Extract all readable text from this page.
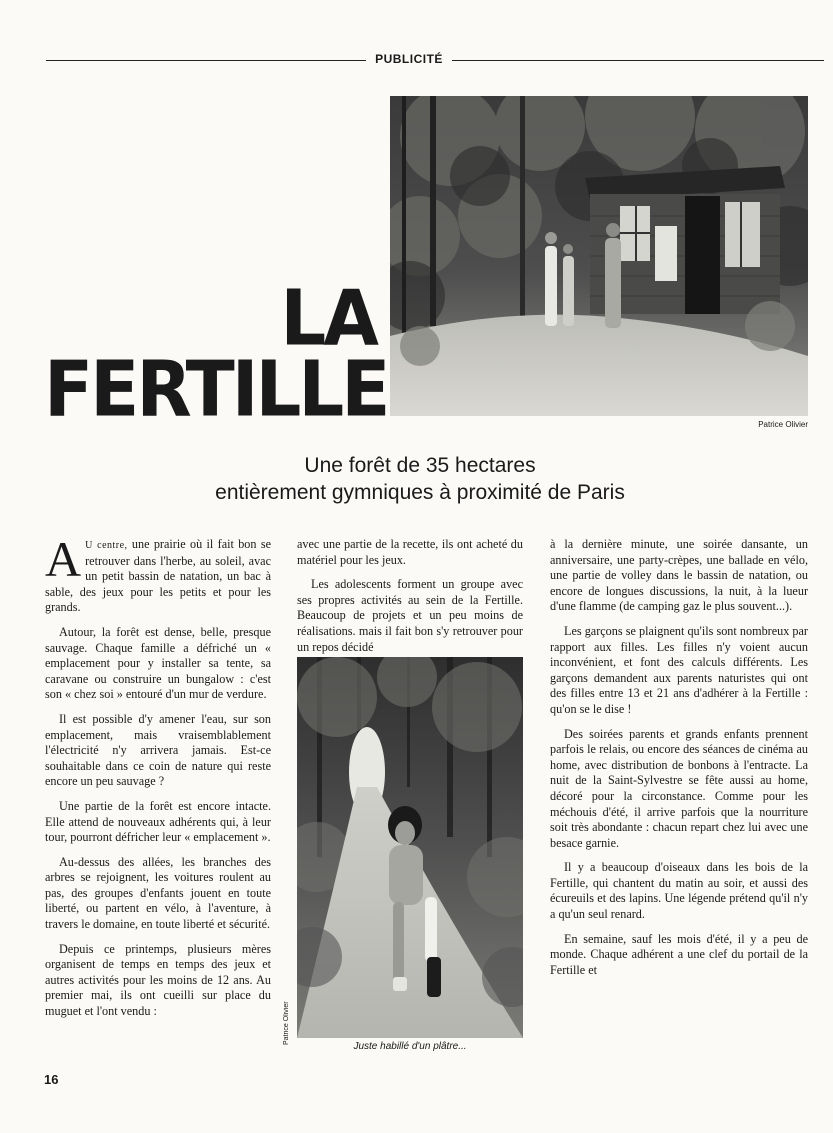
PUBLICITÉ
LA
FERTILLE	Patrice Olivier
Une forêt de 35 hectares
entièrement gymniques à proximité de Paris

A U centre, une prairie où il fait bon se retrouver dans l'herbe, au soleil, avac un petit bassin de natation, un bac à sable, des jeux pour les petits et pour les grands.

Autour, la forêt est dense, belle, presque sauvage. Chaque famille a défriché un « emplacement pour y installer sa tente, sa caravane ou construire un bungalow : c'est son « chez soi » entouré d'un mur de verdure.

Il est possible d'y amener l'eau, sur son emplacement, mais vraisemblablement l'électricité n'y arrivera jamais. Est-ce souhaitable dans ce coin de nature qui reste encore un peu sauvage ?

Une partie de la forêt est encore intacte. Elle attend de nouveaux adhérents qui, à leur tour, pourront défricher leur « emplacement ».

Au-dessus des allées, les branches des arbres se rejoignent, les voitures roulent au pas, des groupes d'enfants jouent en toute liberté, ou partent en vélo, à l'aventure, à travers le domaine, en toute liberté et sécurité.

Depuis ce printemps, plusieurs mères organisent de temps en temps des jeux et autres activités pour les moins de 12 ans. Au premier mai, ils ont cueilli sur place du muguet et l'ont vendu :

avec une partie de la recette, ils ont acheté du matériel pour les jeux.

Les adolescents forment un groupe avec ses propres activités au sein de la Fertille. Beaucoup de projets et un peu moins de réalisations. mais il fait bon s'y retrouver pour un repos décidé

Patrice Olivier
Juste habillé d'un plâtre...

à la dernière minute, une soirée dansante, un anniversaire, une party-crèpes, une ballade en vélo, une partie de volley dans le bassin de natation, ou encore de longues discussions, la nuit, à la lueur d'une flamme (de camping gaz le plus souvent...).

Les garçons se plaignent qu'ils sont nombreux par rapport aux filles. Les filles n'y voient aucun inconvénient, et font des calculs différents. Les garçons demandent aux parents naturistes qui ont des filles entre 13 et 21 ans d'adhérer à la Fertille : qu'on se le dise !

Des soirées parents et grands enfants prennent parfois le relais, ou encore des séances de cinéma au home, avec distribution de bonbons à l'entracte. La nuit de la Saint-Sylvestre se fête aussi au home, décoré pour la circonstance. Comme pour les méchouis d'été, il arrive parfois que la nourriture soit très abondante : chacun repart chez lui avec une besace garnie.

Il y a beaucoup d'oiseaux dans les bois de la Fertille, qui chantent du matin au soir, et aussi des écureuils et des lapins. Une légende prétend qu'il n'y a qu'un seul renard.

En semaine, sauf les mois d'été, il y a peu de monde. Chaque adhérent a une clef du portail de la Fertille et

16
